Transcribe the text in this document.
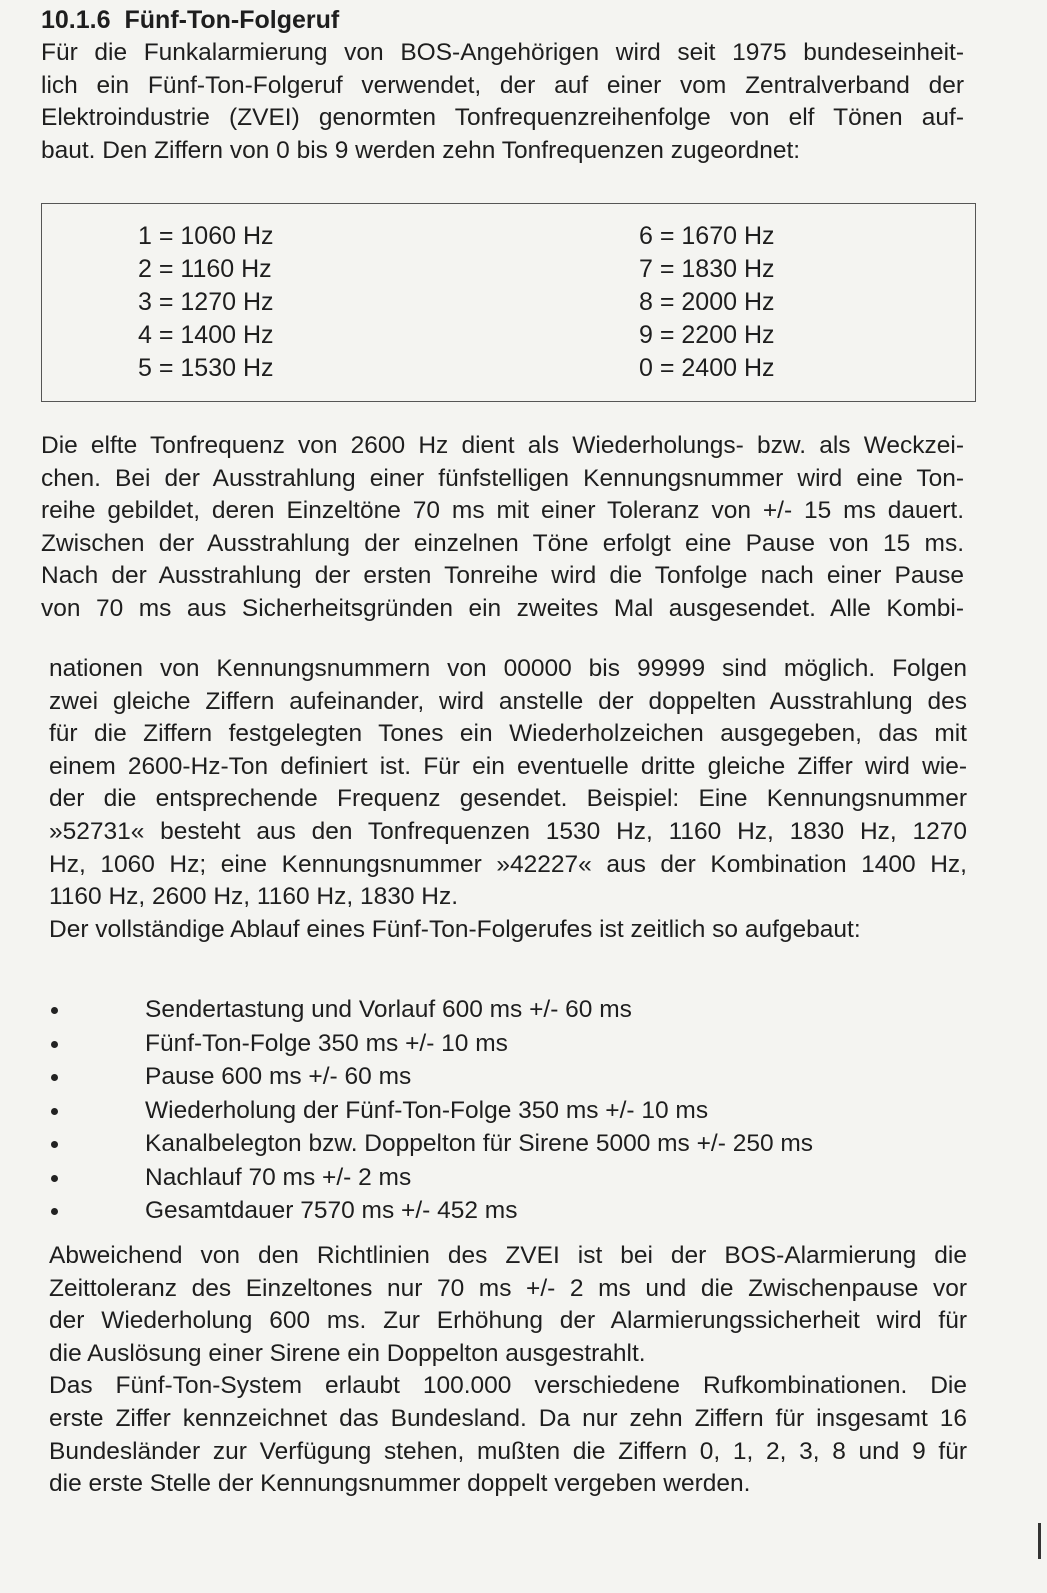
10.1.6 Fünf-Ton-Folgeruf
Für die Funkalarmierung von BOS-Angehörigen wird seit 1975 bundeseinheit-
lich ein Fünf-Ton-Folgeruf verwendet, der auf einer vom Zentralverband der
Elektroindustrie (ZVEI) genormten Tonfrequenzreihenfolge von elf Tönen auf-
baut. Den Ziffern von 0 bis 9 werden zehn Tonfrequenzen zugeordnet:
1 = 1060 Hz
2 = 1160 Hz
3 = 1270 Hz
4 = 1400 Hz
5 = 1530 Hz
6 = 1670 Hz
7 = 1830 Hz
8 = 2000 Hz
9 = 2200 Hz
0 = 2400 Hz
Die elfte Tonfrequenz von 2600 Hz dient als Wiederholungs- bzw. als Weckzei-
chen. Bei der Ausstrahlung einer fünfstelligen Kennungsnummer wird eine Ton-
reihe gebildet, deren Einzeltöne 70 ms mit einer Toleranz von +/- 15 ms dauert.
Zwischen der Ausstrahlung der einzelnen Töne erfolgt eine Pause von 15 ms.
Nach der Ausstrahlung der ersten Tonreihe wird die Tonfolge nach einer Pause
von 70 ms aus Sicherheitsgründen ein zweites Mal ausgesendet. Alle Kombi-
nationen von Kennungsnummern von 00000 bis 99999 sind möglich. Folgen
zwei gleiche Ziffern aufeinander, wird anstelle der doppelten Ausstrahlung des
für die Ziffern festgelegten Tones ein Wiederholzeichen ausgegeben, das mit
einem 2600-Hz-Ton definiert ist. Für ein eventuelle dritte gleiche Ziffer wird wie-
der die entsprechende Frequenz gesendet. Beispiel: Eine Kennungsnummer
»52731« besteht aus den Tonfrequenzen 1530 Hz, 1160 Hz, 1830 Hz, 1270
Hz, 1060 Hz; eine Kennungsnummer »42227« aus der Kombination 1400 Hz,
1160 Hz, 2600 Hz, 1160 Hz, 1830 Hz.
Der vollständige Ablauf eines Fünf-Ton-Folgerufes ist zeitlich so aufgebaut:
Sendertastung und Vorlauf 600 ms +/- 60 ms
Fünf-Ton-Folge 350 ms +/- 10 ms
Pause 600 ms +/- 60 ms
Wiederholung der Fünf-Ton-Folge 350 ms +/- 10 ms
Kanalbelegton bzw. Doppelton für Sirene 5000 ms +/- 250 ms
Nachlauf 70 ms +/- 2 ms
Gesamtdauer 7570 ms +/- 452 ms
Abweichend von den Richtlinien des ZVEI ist bei der BOS-Alarmierung die
Zeittoleranz des Einzeltones nur 70 ms +/- 2 ms und die Zwischenpause vor
der Wiederholung 600 ms. Zur Erhöhung der Alarmierungssicherheit wird für
die Auslösung einer Sirene ein Doppelton ausgestrahlt.
Das Fünf-Ton-System erlaubt 100.000 verschiedene Rufkombinationen. Die
erste Ziffer kennzeichnet das Bundesland. Da nur zehn Ziffern für insgesamt 16
Bundesländer zur Verfügung stehen, mußten die Ziffern 0, 1, 2, 3, 8 und 9 für
die erste Stelle der Kennungsnummer doppelt vergeben werden.
